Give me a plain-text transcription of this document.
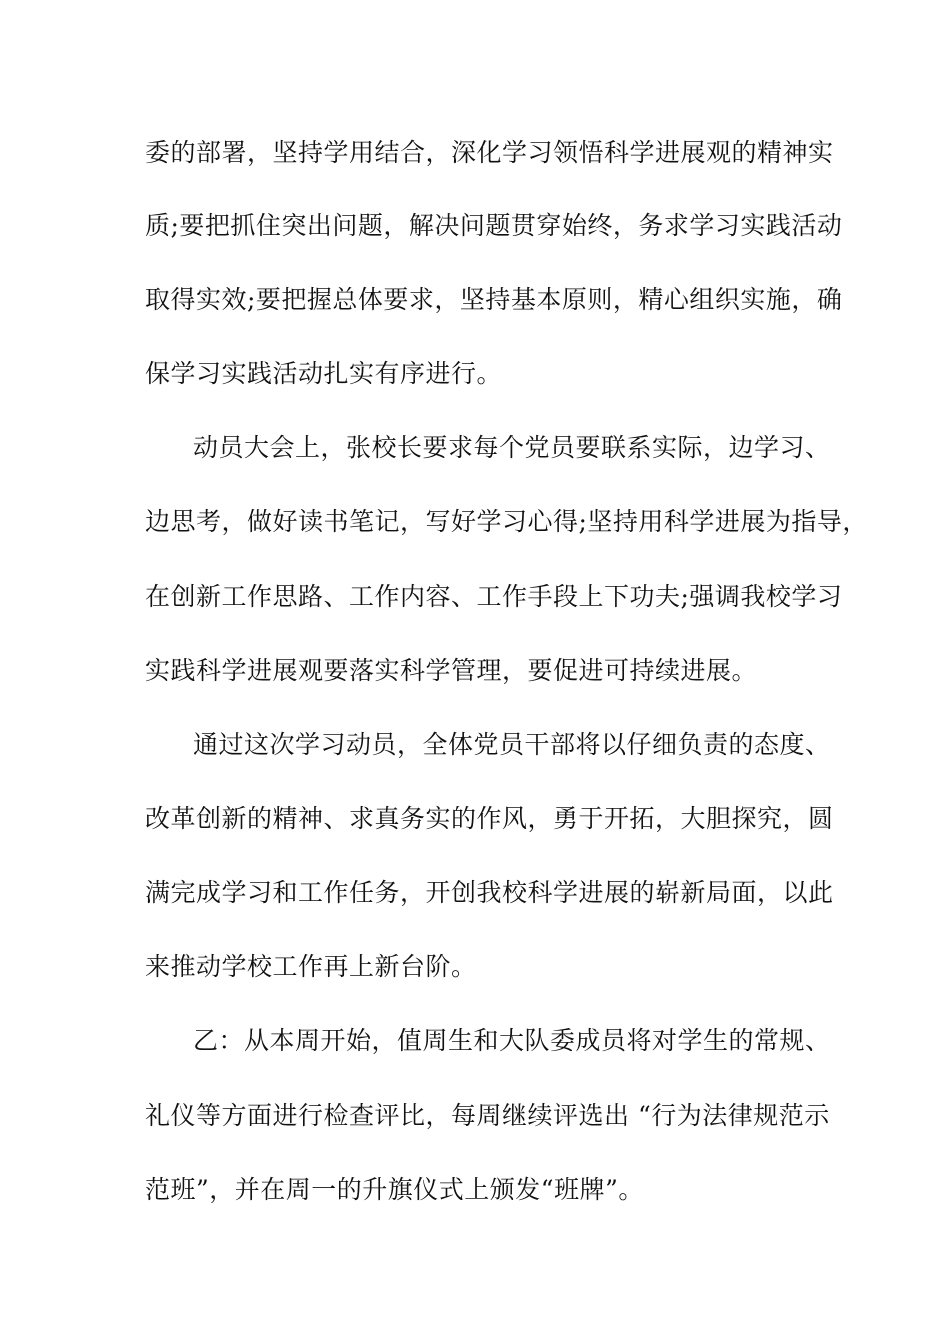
委的部署，坚持学用结合，深化学习领悟科学进展观的精神实

质;要把抓住突出问题，解决问题贯穿始终，务求学习实践活动

取得实效;要把握总体要求，坚持基本原则，精心组织实施，确

保学习实践活动扎实有序进行。

动员大会上，张校长要求每个党员要联系实际，边学习、

边思考，做好读书笔记，写好学习心得;坚持用科学进展为指导，

在创新工作思路、工作内容、工作手段上下功夫;强调我校学习

实践科学进展观要落实科学管理，要促进可持续进展。

通过这次学习动员，全体党员干部将以仔细负责的态度、

改革创新的精神、求真务实的作风，勇于开拓，大胆探究，圆

满完成学习和工作任务，开创我校科学进展的崭新局面，以此

来推动学校工作再上新台阶。

乙：从本周开始，值周生和大队委成员将对学生的常规、

礼仪等方面进行检查评比，每周继续评选出 “行为法律规范示

范班”，并在周一的升旗仪式上颁发“班牌”。
